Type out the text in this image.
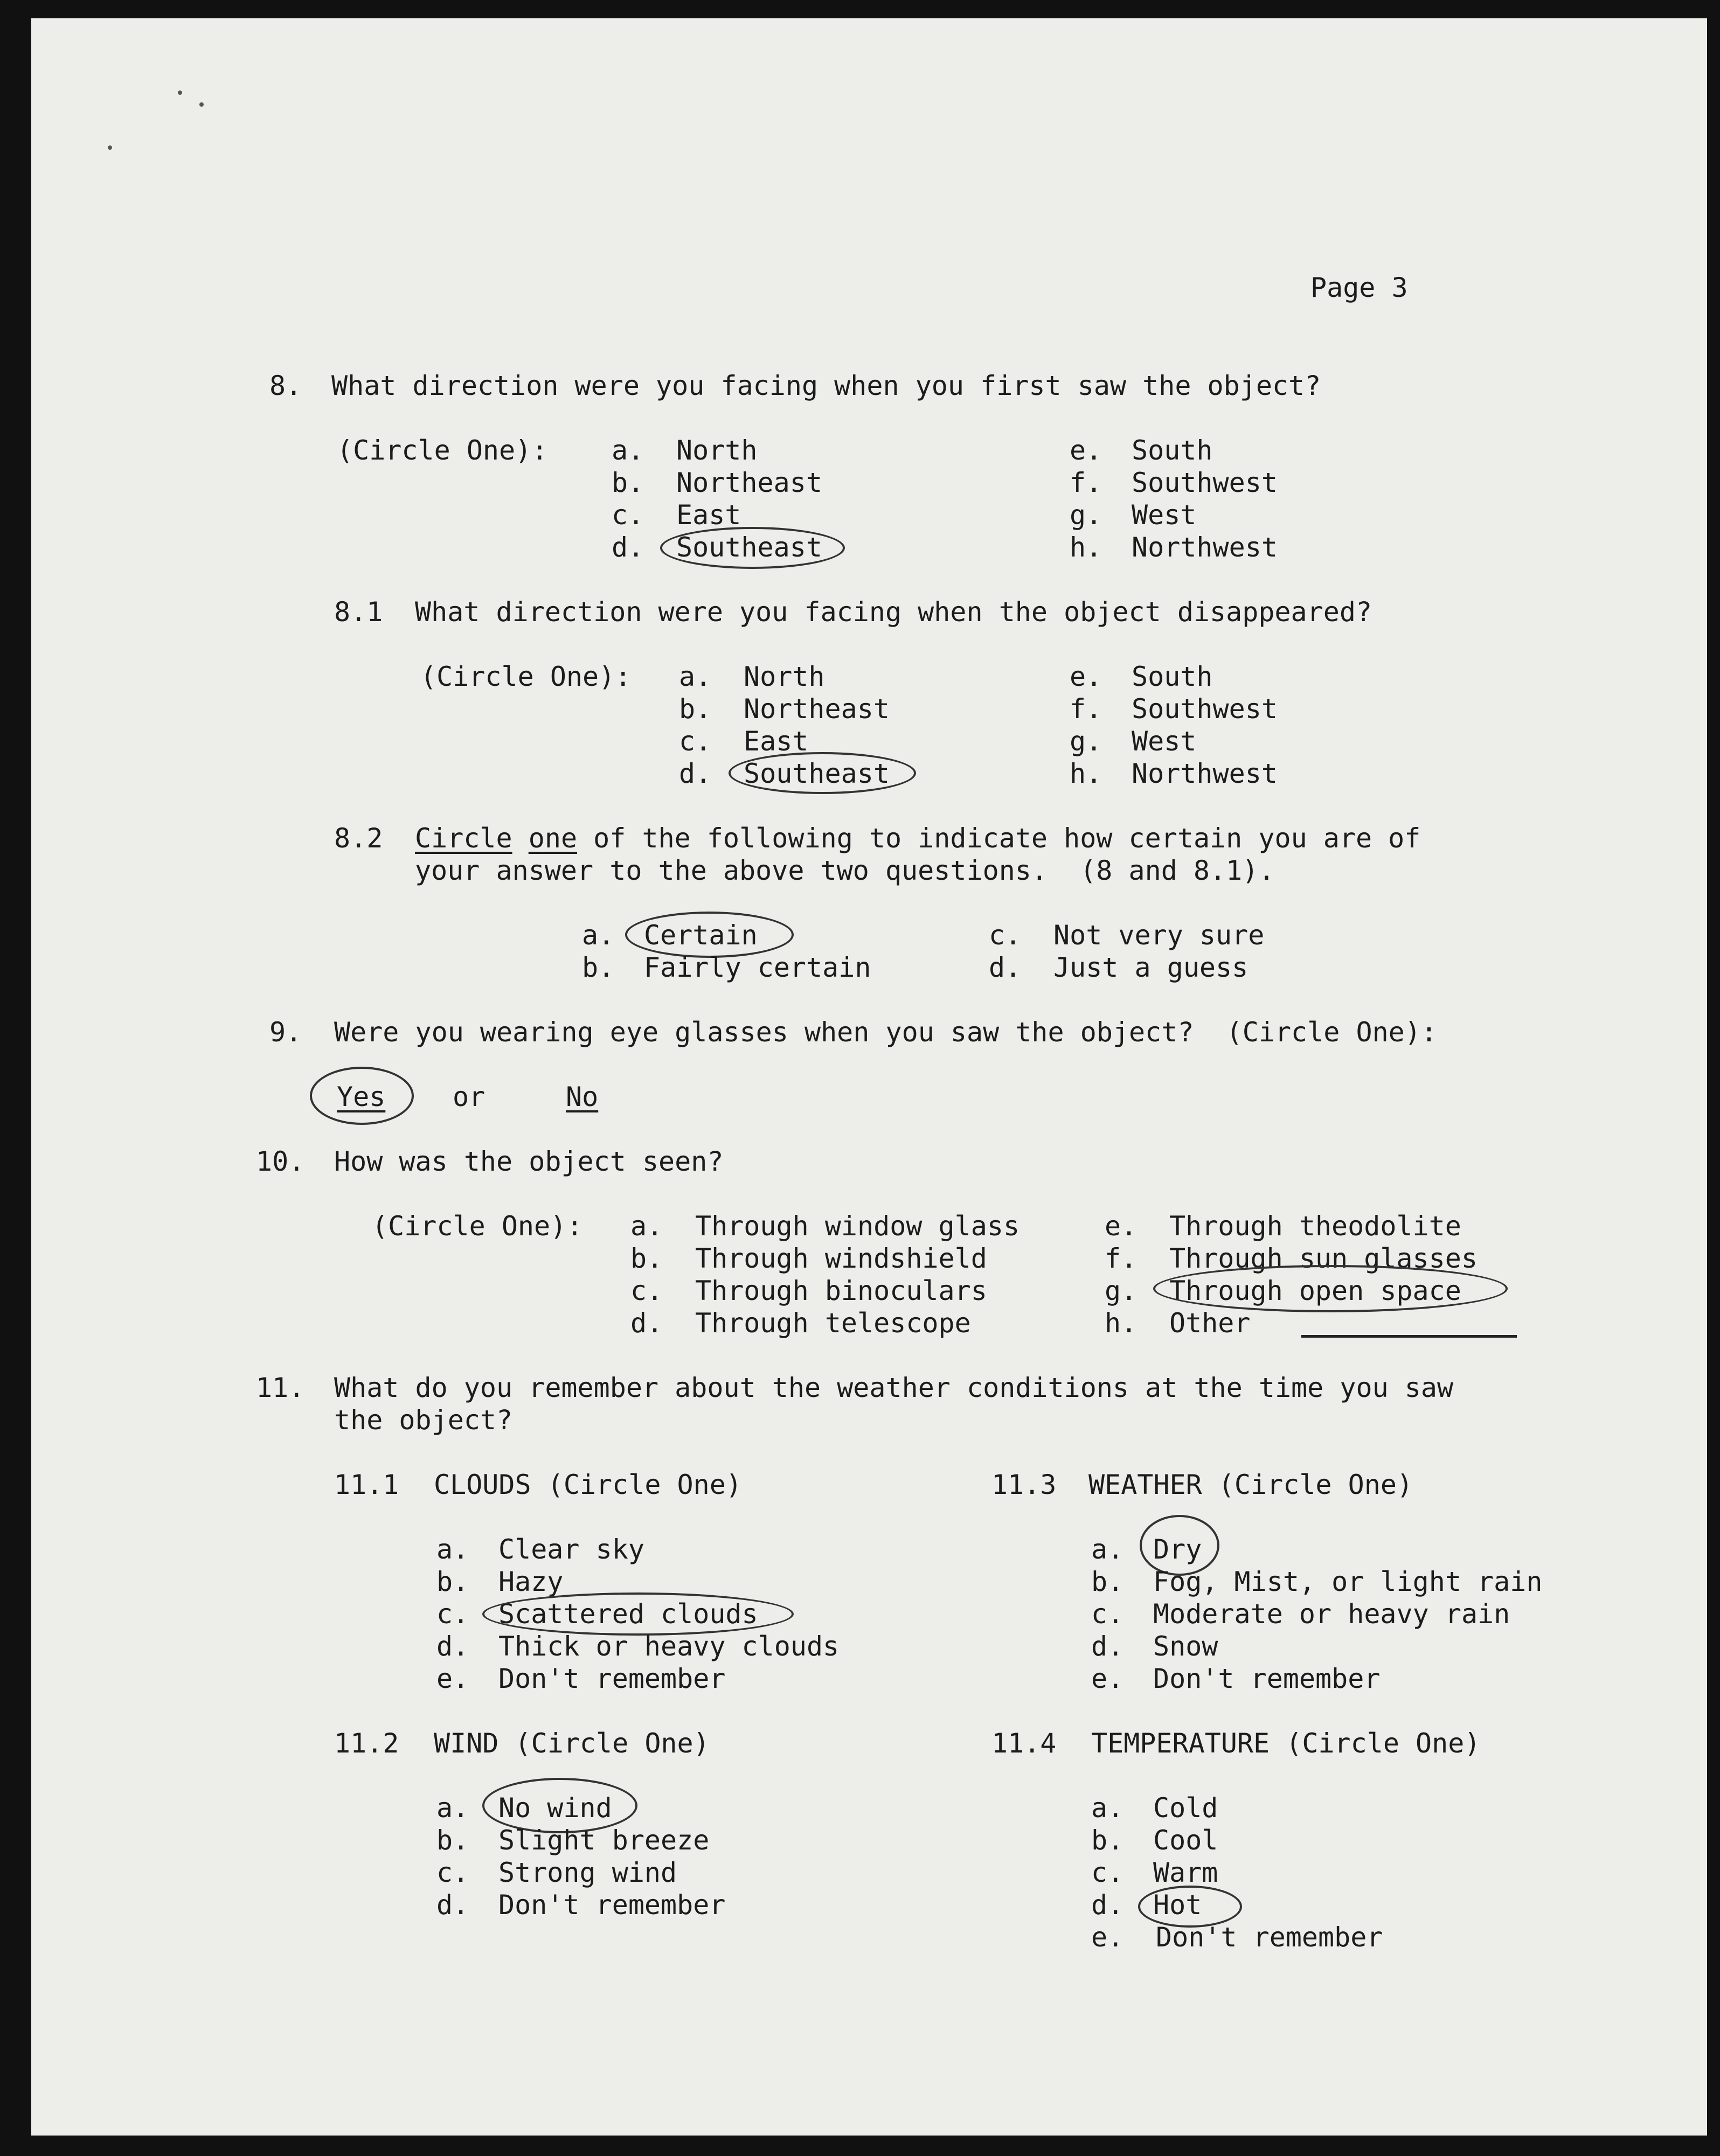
Page 3
8. What direction were you facing when you first saw the object?
(Circle One): a. North
b. Northeast
c. East
d. Southeast
e. South
f. Southwest
g. West
h. Northwest
8.1 What direction were you facing when the object disappeared?
(Circle One): a. North
b. Northeast
c. East
d. Southeast
e. South
f. Southwest
g. West
h. Northwest
8.2 Circle one of the following to indicate how certain you are of
your answer to the above two questions.  (8 and 8.1).
a. Certain
b. Fairly certain
c. Not very sure
d. Just a guess
9. Were you wearing eye glasses when you saw the object?  (Circle One):
Yes or	No
10. How was the object seen?
(Circle One): a. Through window glass
b. Through windshield
c. Through binoculars
d. Through telescope
e. Through theodolite
f. Through sun glasses
g. Through open space
h. Other
11. What do you remember about the weather conditions at the time you saw
the object?
11.1 CLOUDS (Circle One)
a. Clear sky
b. Hazy
c. Scattered clouds
d. Thick or heavy clouds
e. Don't remember
11.2 WIND (Circle One)
a. No wind
b. Slight breeze
c. Strong wind
d. Don't remember
11.3 WEATHER (Circle One)
a. Dry
b. Fog, Mist, or light rain
c. Moderate or heavy rain
d. Snow
e. Don't remember
11.4 TEMPERATURE (Circle One)
a. Cold
b. Cool
c. Warm
d. Hot
e. Don't remember
